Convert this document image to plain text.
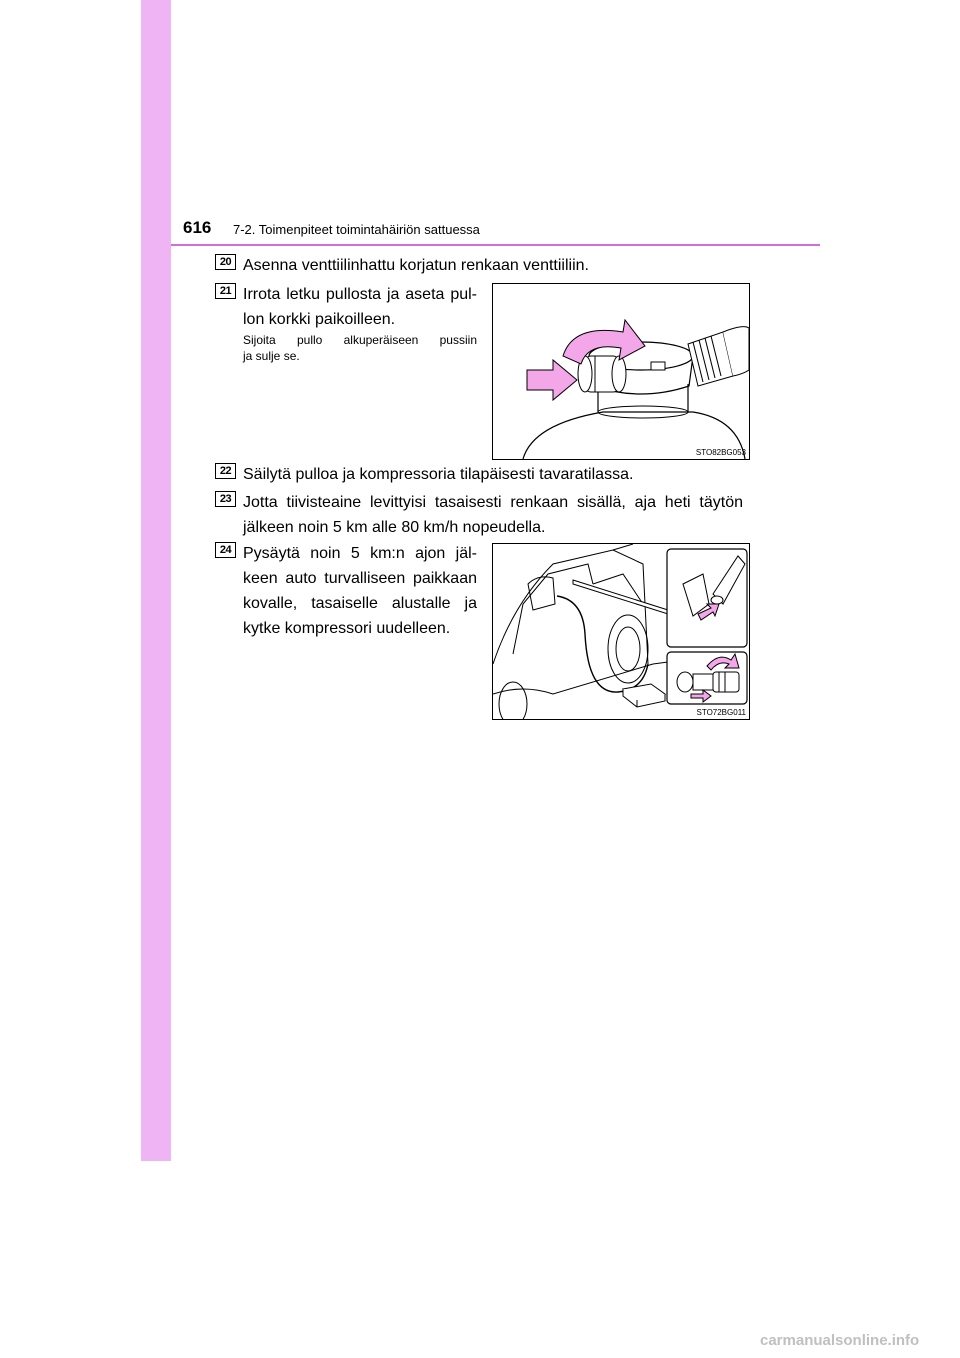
616 7-2. Toimenpiteet toimintahäiriön sattuessa
20 Asenna venttiilinhattu korjatun renkaan venttiiliin.
21 Irrota letku pullosta ja aseta pul-
lon korkki paikoilleen.
Sijoita pullo alkuperäiseen pussiin
ja sulje se.
STO82BG053
22 Säilytä pulloa ja kompressoria tilapäisesti tavaratilassa.
23 Jotta tiivisteaine levittyisi tasaisesti renkaan sisällä, aja heti täytön
jälkeen noin 5 km alle 80 km/h nopeudella.
24 Pysäytä noin 5 km:n ajon jäl-
keen auto turvalliseen paikkaan
kovalle, tasaiselle alustalle ja
kytke kompressori uudelleen.
STO72BG011
carmanualsonline.info
